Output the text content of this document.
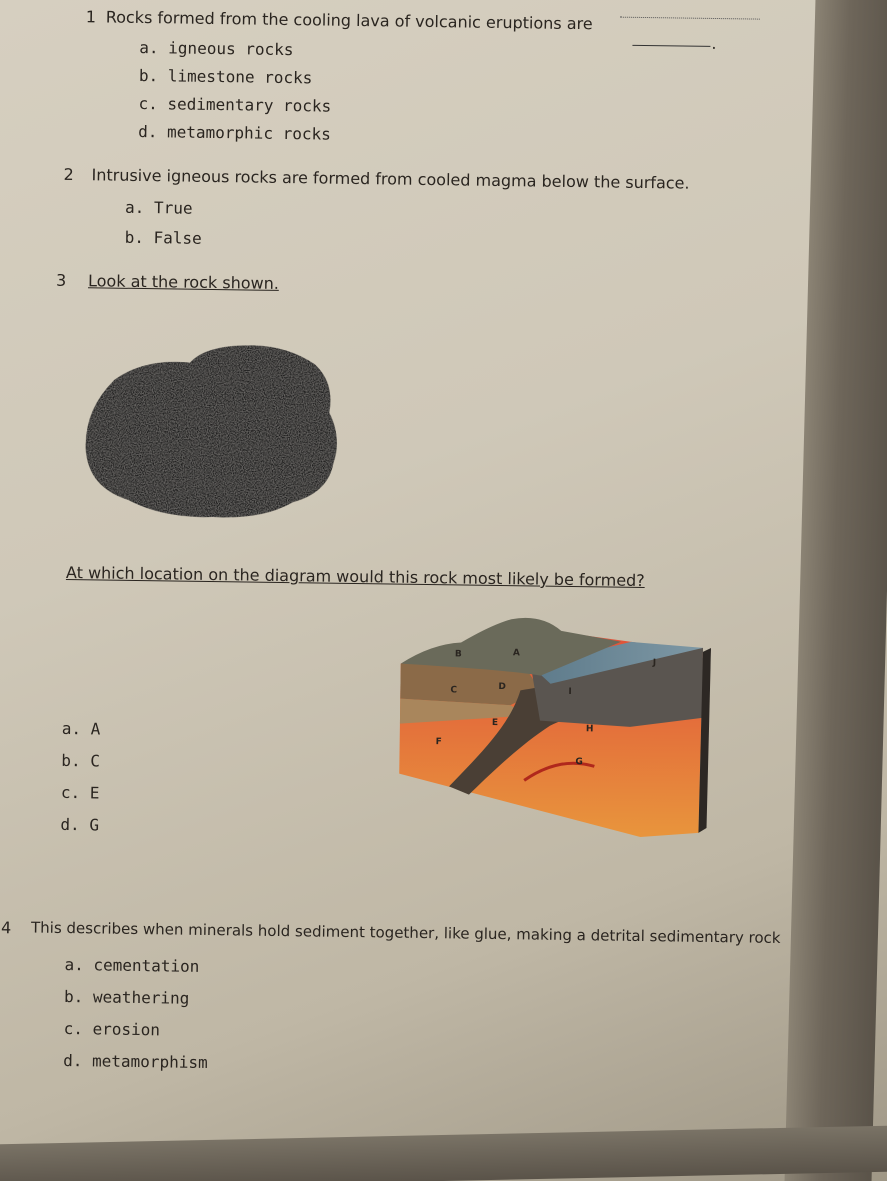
1 Rocks formed from the cooling lava of volcanic eruptions are
.
a. igneous rocks
b. limestone rocks
c. sedimentary rocks
d. metamorphic rocks
2 Intrusive igneous rocks are formed from cooled magma below the surface.
a. True
b. False
3 Look at the rock shown.
At which location on the diagram would this rock most likely be formed?
a. A
b. C
c. E
d. G
B	A
J
C	D	I
E
H
F
G
4 This describes when minerals hold sediment together, like glue, making a detrital sedimentary rock
a. cementation
b. weathering
c. erosion
d. metamorphism
